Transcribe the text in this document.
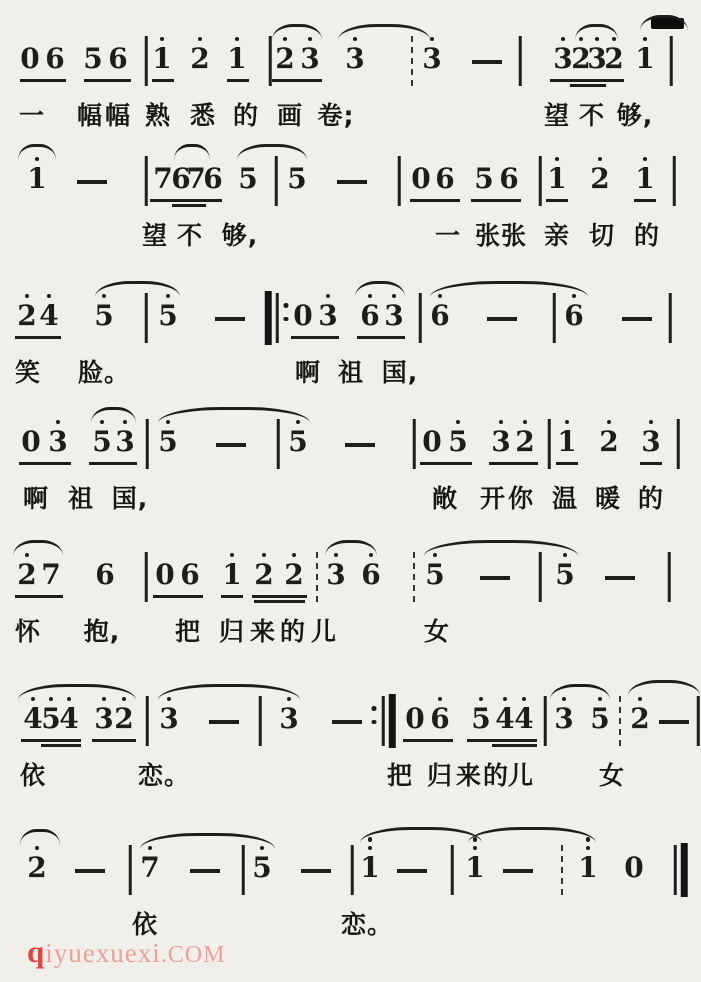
0 6 5 6 1 2 1 2 3 3 3	3
2
3
2 1
一 幅 幅 熟 悉 的 画 卷;	望 不 够,
1	7
6
7
6 5 5	0 6 5 6 1 2 1
望 不 够,	一 张 张 亲 切 的
2 4 5 5	0 3 6 3 6	6
笑 脸。	啊 祖 国,
0 3 5 3 5	5	0 5 3 2 1 2 3
啊 祖 国,	敞 开 你 温 暖 的
2 7 6 0 6 1 2 2 3 6 5	5
怀 抱, 把 归 来 的 儿	女
4
5
4 3 2 3	3	0 6 5 4 4 3 5 2
依	恋。	把 归 来 的
儿	女
2	7	5	1	1	1 0
依	恋。
qiyuexuexi.COM
